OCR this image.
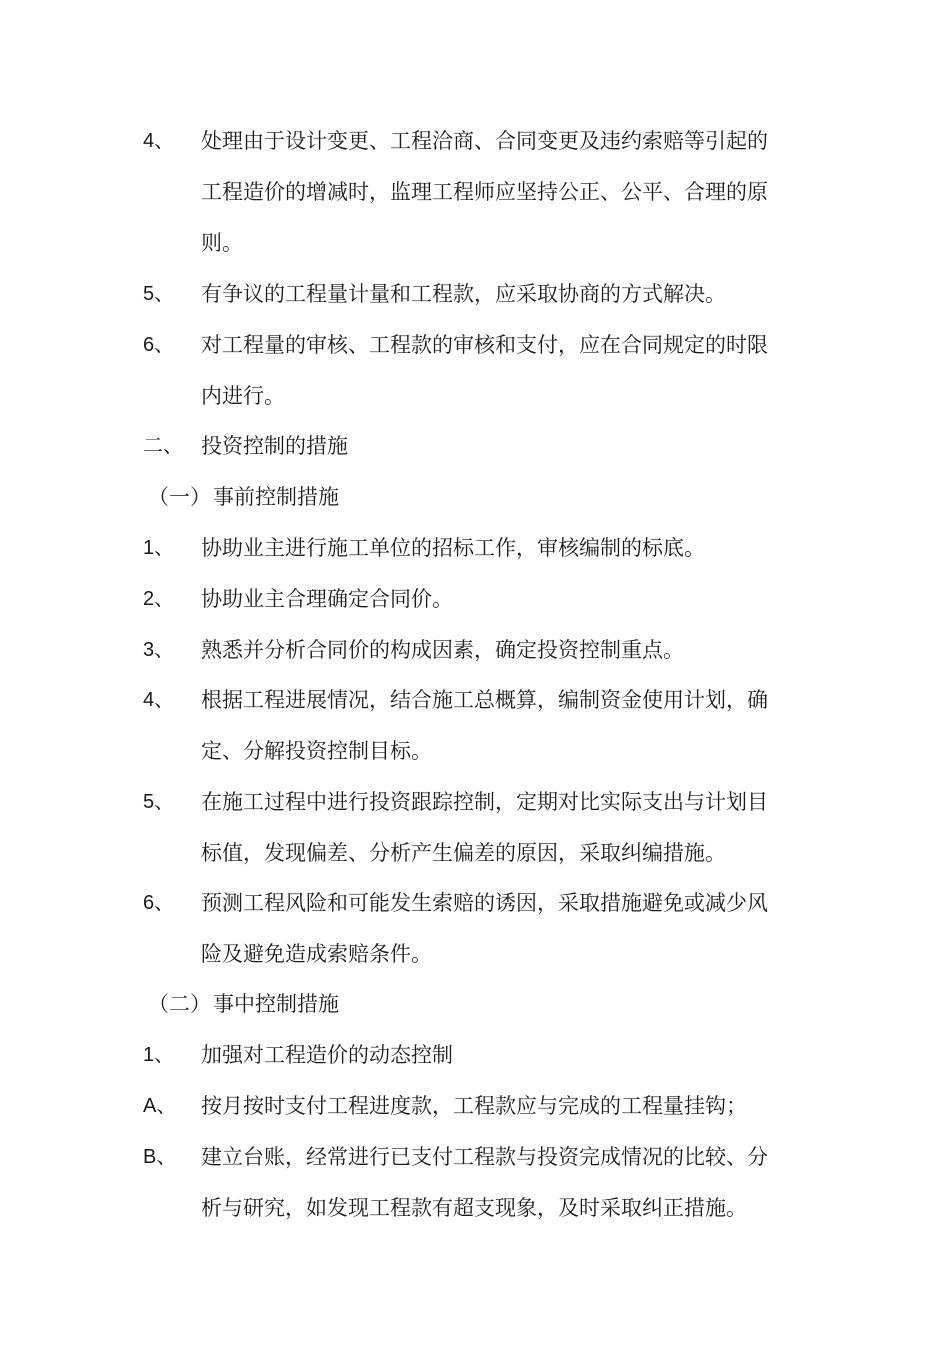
4、 处理由于设计变更、工程洽商、合同变更及违约索赔等引起的
工程造价的增减时，监理工程师应坚持公正、公平、合理的原
则。
5、 有争议的工程量计量和工程款，应采取协商的方式解决。
6、 对工程量的审核、工程款的审核和支付，应在合同规定的时限
内进行。
二、 投资控制的措施
（一） 事前控制措施
1、 协助业主进行施工单位的招标工作，审核编制的标底。
2、 协助业主合理确定合同价。
3、 熟悉并分析合同价的构成因素，确定投资控制重点。
4、 根据工程进展情况，结合施工总概算，编制资金使用计划，确
定、分解投资控制目标。
5、 在施工过程中进行投资跟踪控制，定期对比实际支出与计划目
标值，发现偏差、分析产生偏差的原因，采取纠编措施。
6、 预测工程风险和可能发生索赔的诱因，采取措施避免或减少风
险及避免造成索赔条件。
（二） 事中控制措施
1、 加强对工程造价的动态控制
A、 按月按时支付工程进度款，工程款应与完成的工程量挂钩；
B、 建立台账，经常进行已支付工程款与投资完成情况的比较、分
析与研究，如发现工程款有超支现象，及时采取纠正措施。
